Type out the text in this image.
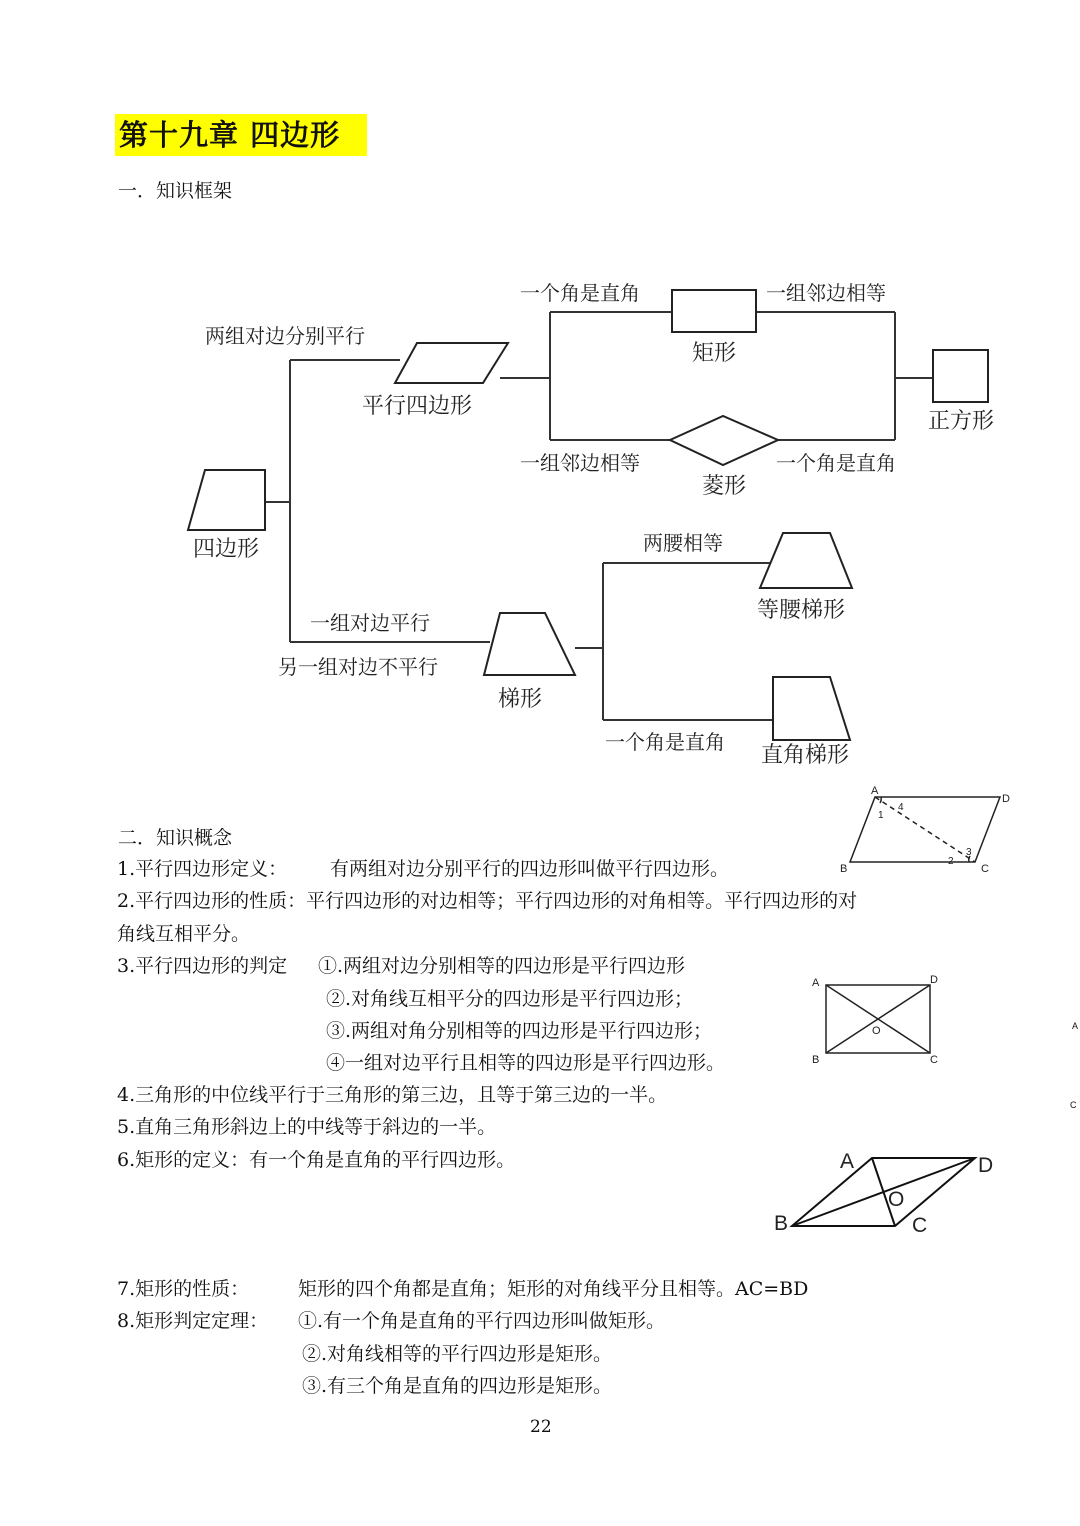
第十九章 四边形
一．知识框架
两组对边分别平行
平行四边形
四边形
一个角是直角
矩形
一组邻边相等
正方形
一组邻边相等
菱形
一个角是直角
一组对边平行
另一组对边不平行
梯形
两腰相等
等腰梯形
一个角是直角
直角梯形
二．知识概念
A
D
B	C
1
4
2
3
A	D
B	C
O
A	D
B	C
O
A
C
1.平行四边形定义： 有两组对边分别平行的四边形叫做平行四边形。
2.平行四边形的性质：平行四边形的对边相等；平行四边形的对角相等。平行四边形的对
角线互相平分。
3.平行四边形的判定 ①.两组对边分别相等的四边形是平行四边形
②.对角线互相平分的四边形是平行四边形；
③.两组对角分别相等的四边形是平行四边形；
④一组对边平行且相等的四边形是平行四边形。
4.三角形的中位线平行于三角形的第三边，且等于第三边的一半。
5.直角三角形斜边上的中线等于斜边的一半。
6.矩形的定义：有一个角是直角的平行四边形。
7.矩形的性质：	矩形的四个角都是直角；矩形的对角线平分且相等。AC=BD
8.矩形判定定理： ①.有一个角是直角的平行四边形叫做矩形。
②.对角线相等的平行四边形是矩形。
③.有三个角是直角的四边形是矩形。
22
